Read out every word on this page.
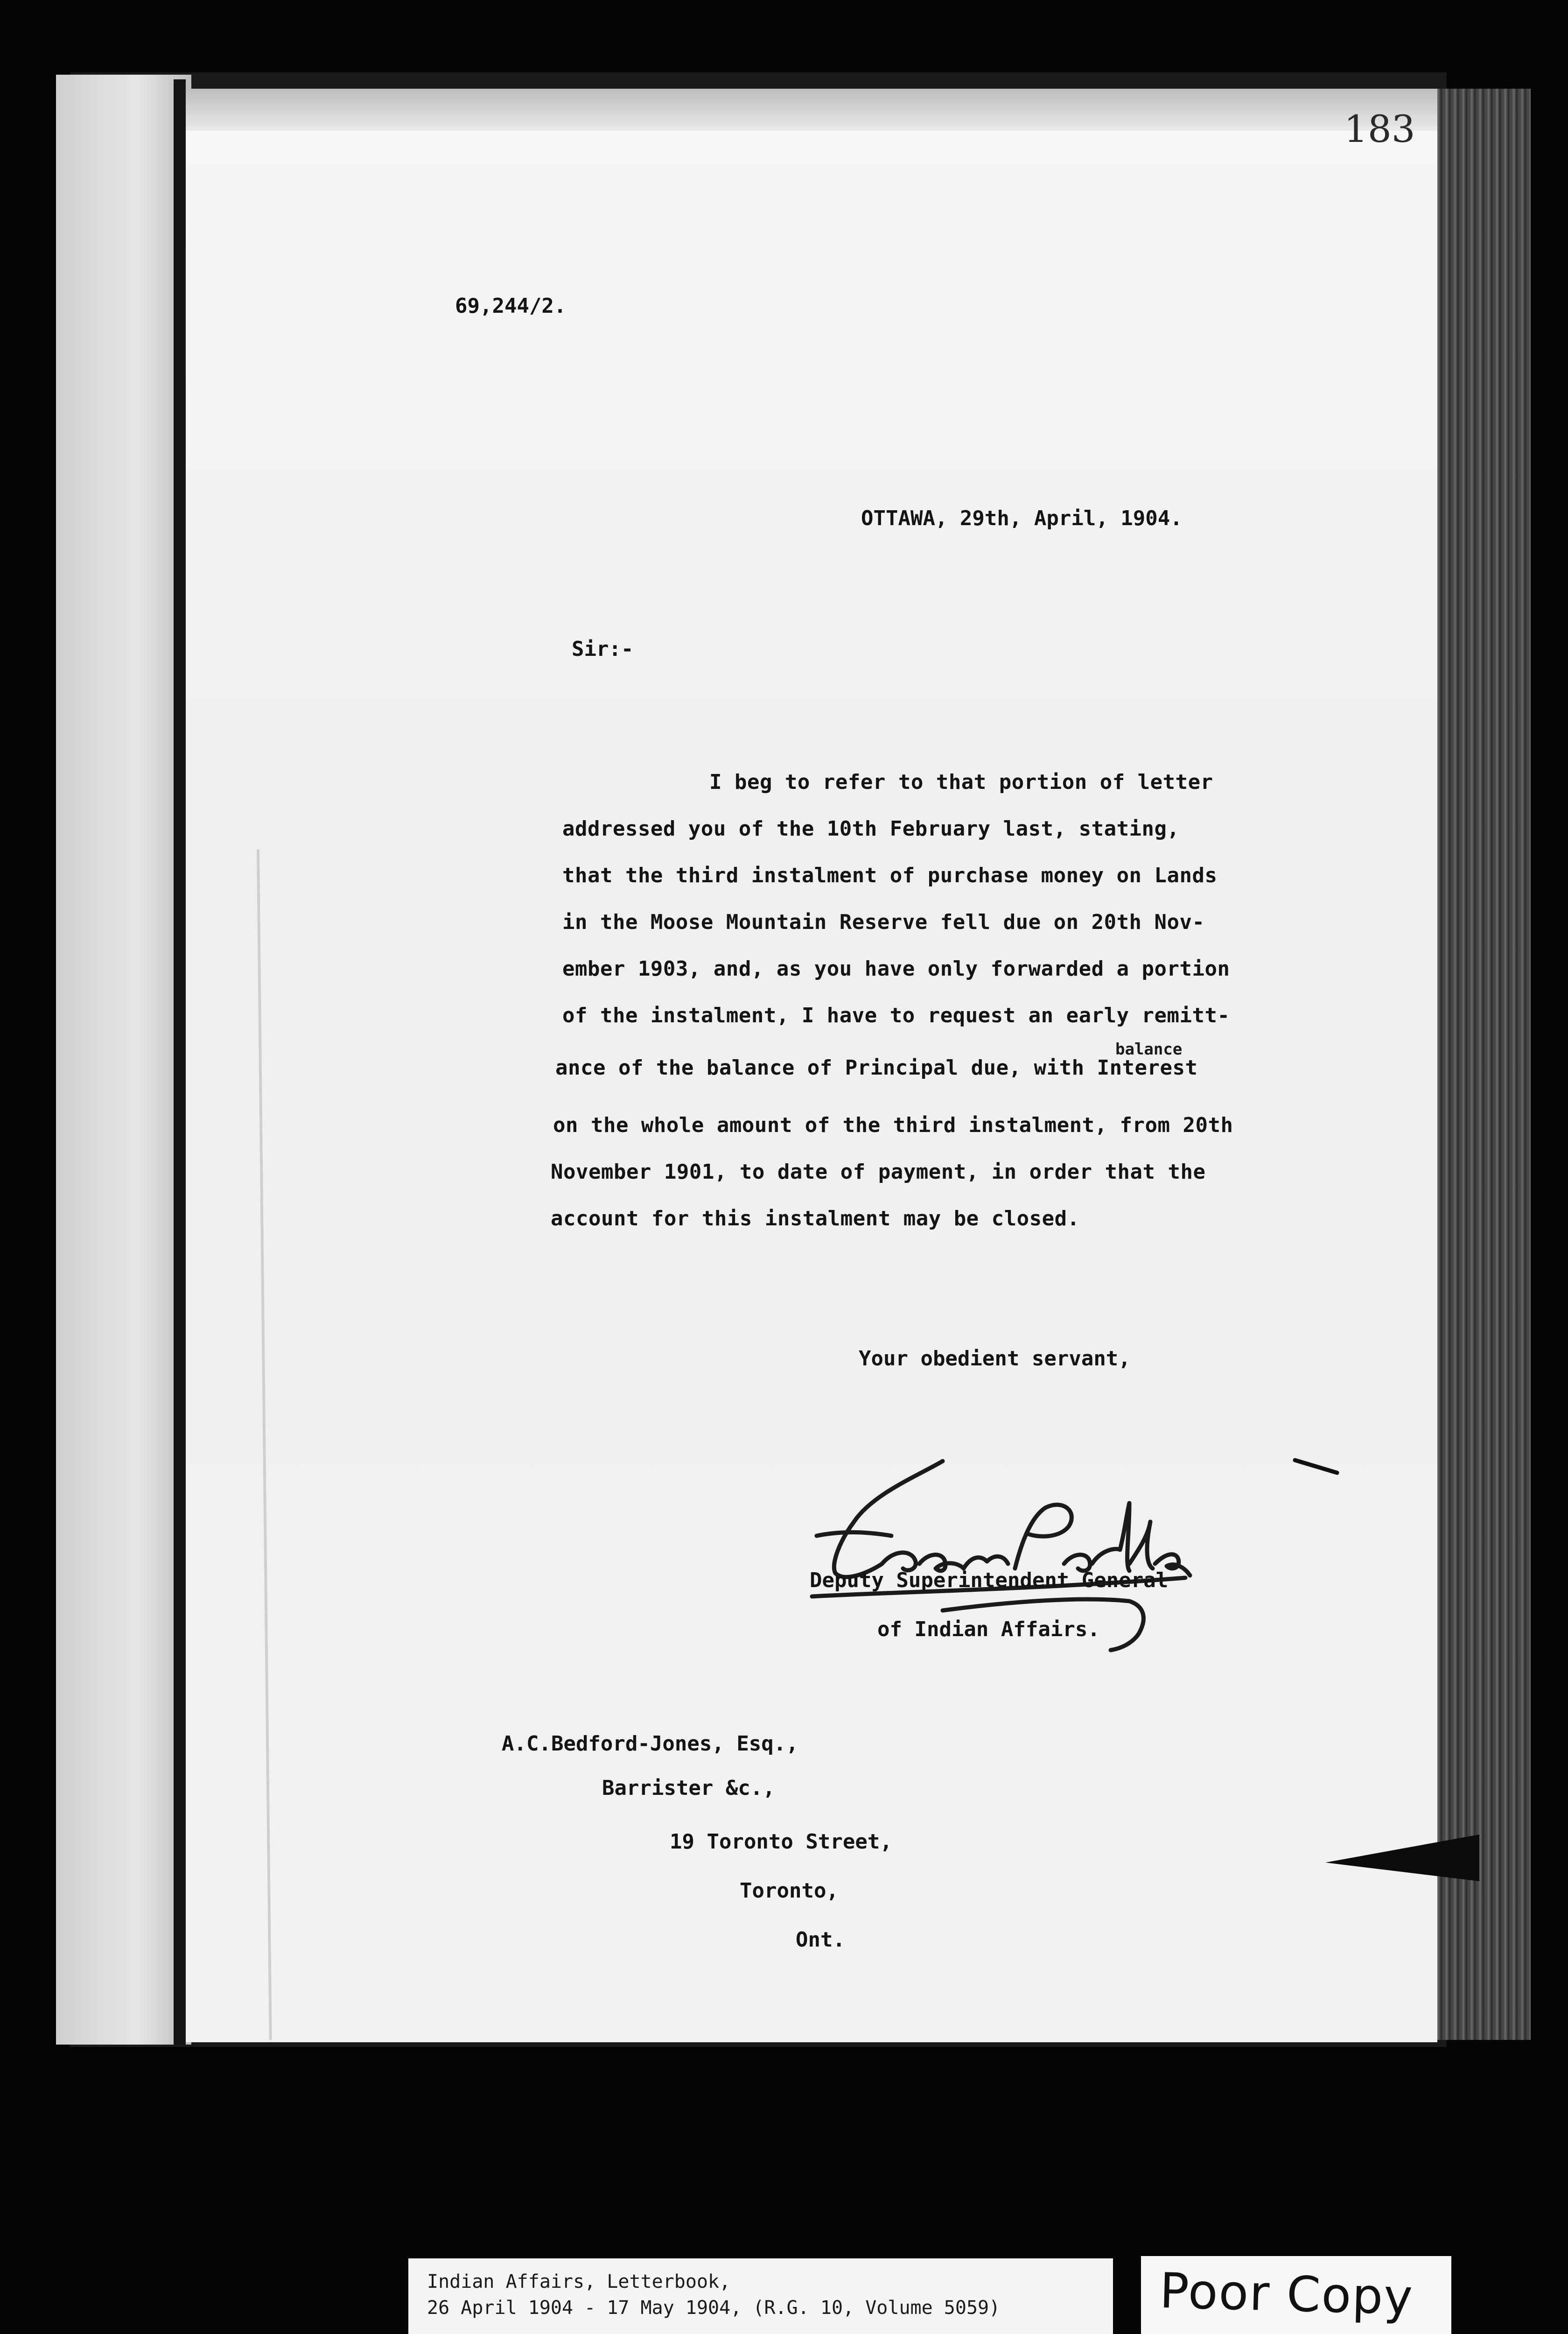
183
69,244/2.
OTTAWA, 29th, April, 1904.
Sir:-
I beg to refer to that portion of letter
addressed you of the 10th February last, stating,
that the third instalment of purchase money on Lands
in the Moose Mountain Reserve fell due on 20th Nov-
ember 1903, and, as you have only forwarded a portion
of the instalment, I have to request an early remitt-
balance
ance of the balance of Principal due, with Interest
on the whole amount of the third instalment, from 20th
November 1901, to date of payment, in order that the
account for this instalment may be closed.
Your obedient servant,
Deputy Superintendent General
of Indian Affairs.
A.C.Bedford-Jones, Esq.,
Barrister &c.,
19 Toronto Street,
Toronto,
Ont.
Indian Affairs, Letterbook,
26 April 1904 - 17 May 1904, (R.G. 10, Volume 5059)	Poor Copy
